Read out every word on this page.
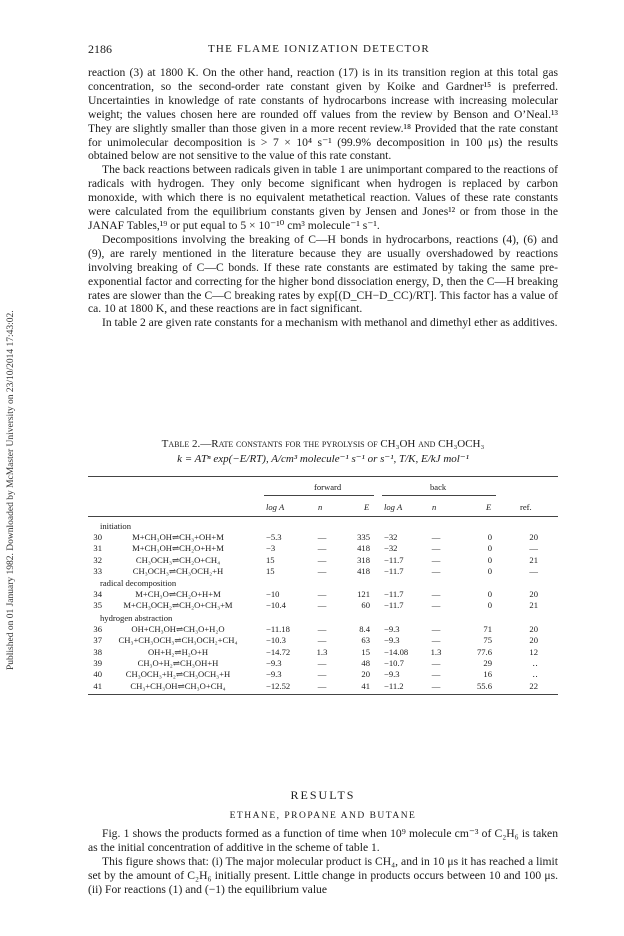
Published on 01 January 1982. Downloaded by McMaster University on 23/10/2014 17:43:02.
2186	THE FLAME IONIZATION DETECTOR

reaction (3) at 1800 K. On the other hand, reaction (17) is in its transition region at this total gas concentration, so the second-order rate constant given by Koike and Gardner¹⁵ is preferred. Uncertainties in knowledge of rate constants of hydrocarbons increase with increasing molecular weight; the values chosen here are rounded off values from the review by Benson and O’Neal.¹³ They are slightly smaller than those given in a more recent review.¹⁸ Provided that the rate constant for unimolecular decomposition is > 7 × 10⁴ s⁻¹ (99.9% decomposition in 100 μs) the results obtained below are not sensitive to the value of this rate constant.

The back reactions between radicals given in table 1 are unimportant compared to the reactions of radicals with hydrogen. They only become significant when hydrogen is replaced by carbon monoxide, with which there is no equivalent metathetical reaction. Values of these rate constants were calculated from the equilibrium constants given by Jensen and Jones¹² or from those in the JANAF Tables,¹⁹ or put equal to 5 × 10⁻¹⁰ cm³ molecule⁻¹ s⁻¹.

Decompositions involving the breaking of C—H bonds in hydrocarbons, reactions (4), (6) and (9), are rarely mentioned in the literature because they are usually overshadowed by reactions involving breaking of C—C bonds. If these rate constants are estimated by taking the same pre-exponential factor and correcting for the higher bond dissociation energy, D, then the C—H breaking rates are slower than the C—C breaking rates by exp[(D_CH−D_CC)/RT]. This factor has a value of ca. 10 at 1800 K, and these reactions are in fact significant.

In table 2 are given rate constants for a mechanism with methanol and dimethyl ether as additives.

Table 2.—Rate constants for the pyrolysis of CH₃OH and CH₃OCH₃
k = ATⁿ exp(−E/RT), A/cm³ molecule⁻¹ s⁻¹ or s⁻¹, T/K, E/kJ mol⁻¹
forward	back
log A	n	E log A	n	E	ref.
initiation
30	M+CH₃OH⇌CH₃+OH+M	−5.3	—	335 −32	—	0	20
31	M+CH₃OH⇌CH₂O+H+M	−3	—	418 −32	—	0	—
32	CH₃OCH₃⇌CH₂O+CH₄	15	—	318 −11.7	—	0	21
33	CH₃OCH₃⇌CH₃OCH₂+H	15	—	418 −11.7	—	0	—
radical decomposition
34	M+CH₃O⇌CH₂O+H+M	−10	—	121 −11.7	—	0	20
35	M+CH₃OCH₂⇌CH₂O+CH₃+M	−10.4	—	60 −11.7	—	0	21
hydrogen abstraction
36	OH+CH₃OH⇌CH₃O+H₂O	−11.18	—	8.4 −9.3	—	71	20
37	CH₃+CH₃OCH₃⇌CH₃OCH₂+CH₄	−10.3	—	63 −9.3	—	75	20
38	OH+H₂⇌H₂O+H	−14.72	1.3	15 −14.08	1.3	77.6	12
39	CH₃O+H₂⇌CH₃OH+H	−9.3	—	48 −10.7	—	29	‥
40	CH₃OCH₃+H₂⇌CH₃OCH₃+H	−9.3	—	20 −9.3	—	16	‥
41	CH₃+CH₃OH⇌CH₃O+CH₄	−12.52	—	41 −11.2	—	55.6	22
RESULTS
ETHANE, PROPANE AND BUTANE

Fig. 1 shows the products formed as a function of time when 10⁹ molecule cm⁻³ of C₂H₆ is taken as the initial concentration of additive in the scheme of table 1.

This figure shows that: (i) The major molecular product is CH₄, and in 10 μs it has reached a limit set by the amount of C₂H₆ initially present. Little change in products occurs between 10 and 100 μs. (ii) For reactions (1) and (−1) the equilibrium value
